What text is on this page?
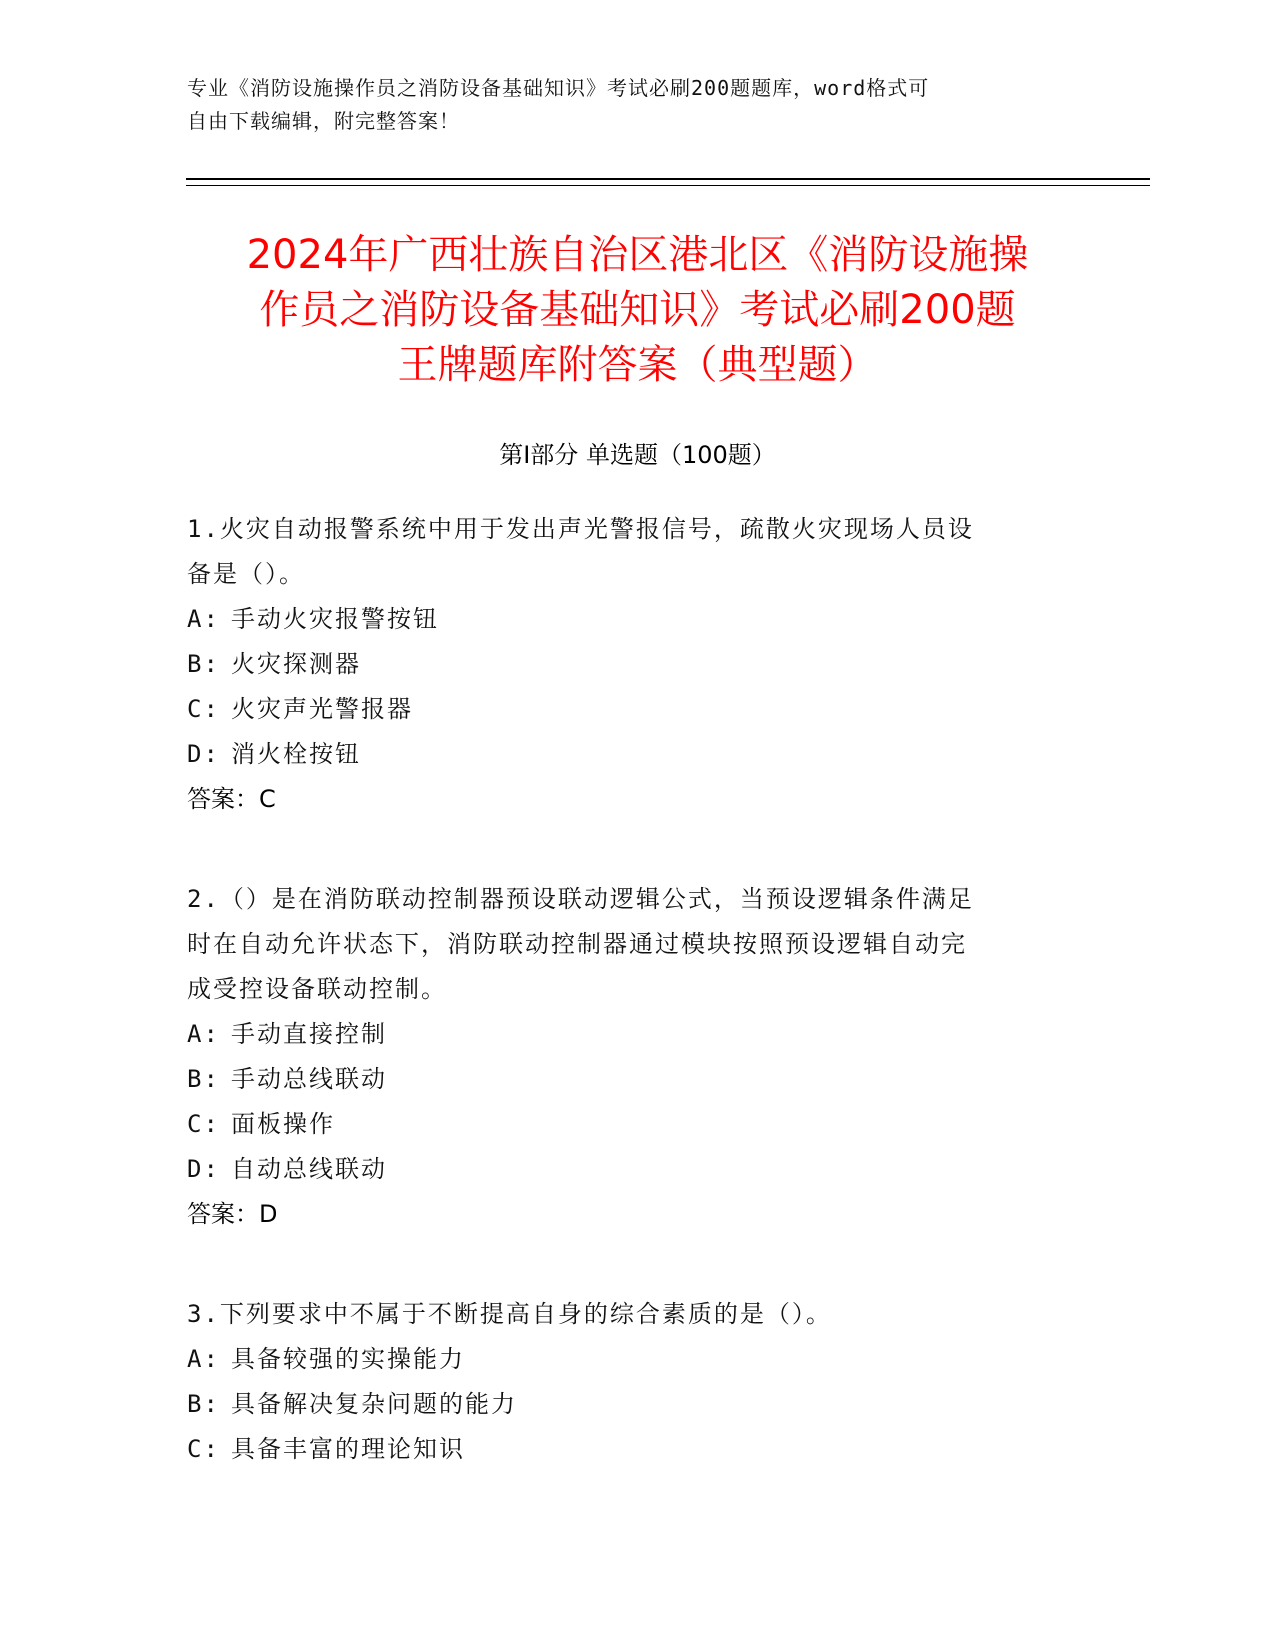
专业《消防设施操作员之消防设备基础知识》考试必刷200题题库，word格式可
自由下载编辑，附完整答案！
2024年广西壮族自治区港北区《消防设施操
作员之消防设备基础知识》考试必刷200题
王牌题库附答案（典型题）
第Ⅰ部分 单选题（100题）
1.火灾自动报警系统中用于发出声光警报信号，疏散火灾现场人员设
备是（）。
A: 手动火灾报警按钮
B: 火灾探测器
C: 火灾声光警报器
D: 消火栓按钮
答案：C
2.（）是在消防联动控制器预设联动逻辑公式，当预设逻辑条件满足
时在自动允许状态下，消防联动控制器通过模块按照预设逻辑自动完
成受控设备联动控制。
A: 手动直接控制
B: 手动总线联动
C: 面板操作
D: 自动总线联动
答案：D
3.下列要求中不属于不断提高自身的综合素质的是（）。
A: 具备较强的实操能力
B: 具备解决复杂问题的能力
C: 具备丰富的理论知识
